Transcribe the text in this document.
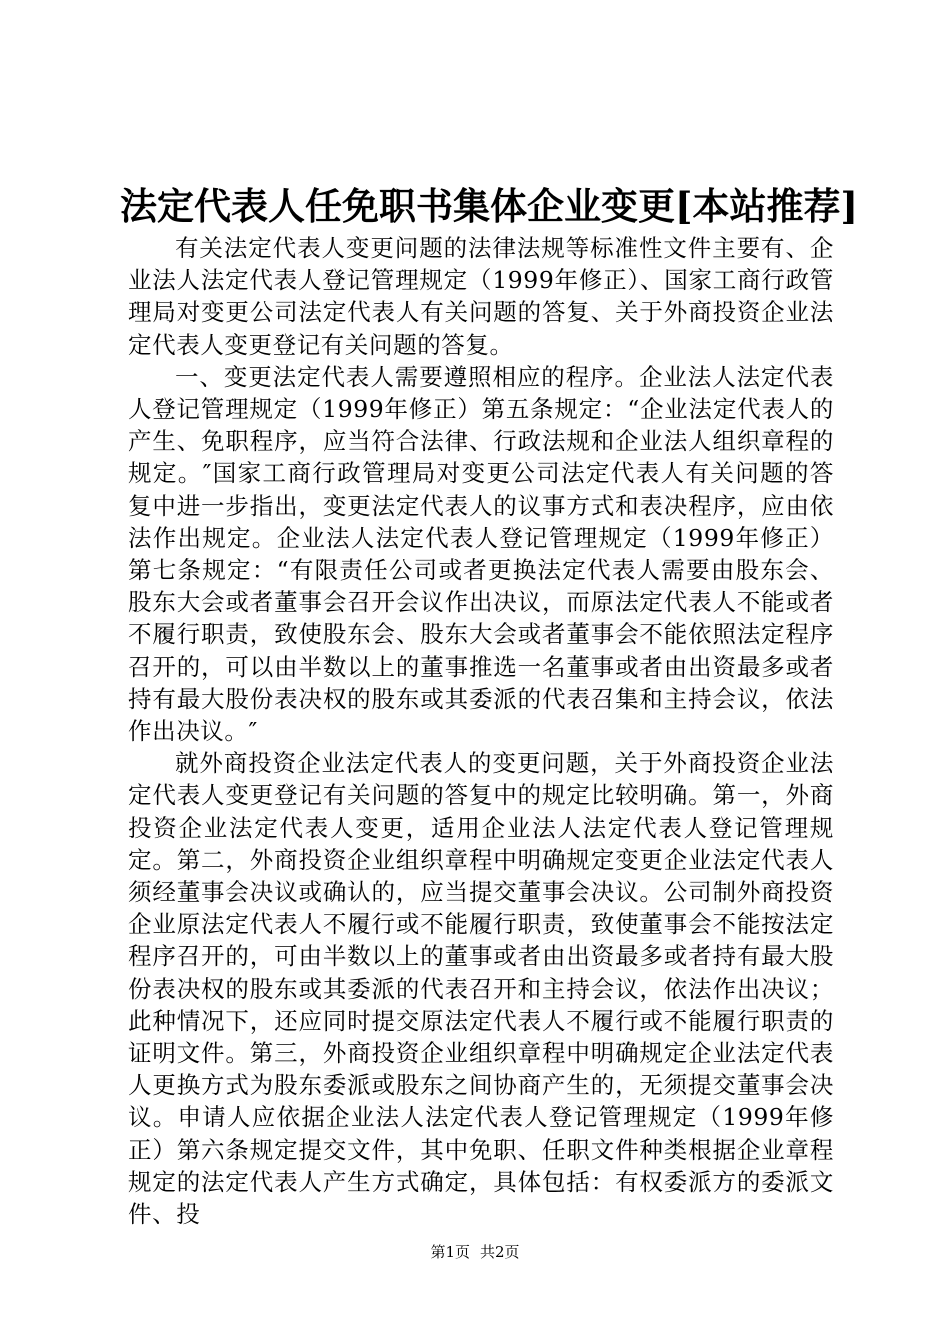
法定代表人任免职书集体企业变更[本站推荐]

有关法定代表人变更问题的法律法规等标准性文件主要有、企业法人法定代表人登记管理规定（1999年修正）、国家工商行政管理局对变更公司法定代表人有关问题的答复、关于外商投资企业法定代表人变更登记有关问题的答复。

一、变更法定代表人需要遵照相应的程序。企业法人法定代表人登记管理规定（1999年修正）第五条规定：“企业法定代表人的产生、免职程序，应当符合法律、行政法规和企业法人组织章程的规定。″国家工商行政管理局对变更公司法定代表人有关问题的答复中进一步指出，变更法定代表人的议事方式和表决程序，应由依法作出规定。企业法人法定代表人登记管理规定（1999年修正）第七条规定：“有限责任公司或者更换法定代表人需要由股东会、股东大会或者董事会召开会议作出决议，而原法定代表人不能或者不履行职责，致使股东会、股东大会或者董事会不能依照法定程序召开的，可以由半数以上的董事推选一名董事或者由出资最多或者持有最大股份表决权的股东或其委派的代表召集和主持会议，依法作出决议。″

就外商投资企业法定代表人的变更问题，关于外商投资企业法定代表人变更登记有关问题的答复中的规定比较明确。第一，外商投资企业法定代表人变更，适用企业法人法定代表人登记管理规定。第二，外商投资企业组织章程中明确规定变更企业法定代表人须经董事会决议或确认的，应当提交董事会决议。公司制外商投资企业原法定代表人不履行或不能履行职责，致使董事会不能按法定程序召开的，可由半数以上的董事或者由出资最多或者持有最大股份表决权的股东或其委派的代表召开和主持会议，依法作出决议；此种情况下，还应同时提交原法定代表人不履行或不能履行职责的证明文件。第三，外商投资企业组织章程中明确规定企业法定代表人更换方式为股东委派或股东之间协商产生的，无须提交董事会决议。申请人应依据企业法人法定代表人登记管理规定（1999年修正）第六条规定提交文件，其中免职、任职文件种类根据企业章程规定的法定代表人产生方式确定，具体包括：有权委派方的委派文件、投

第1页 共2页
